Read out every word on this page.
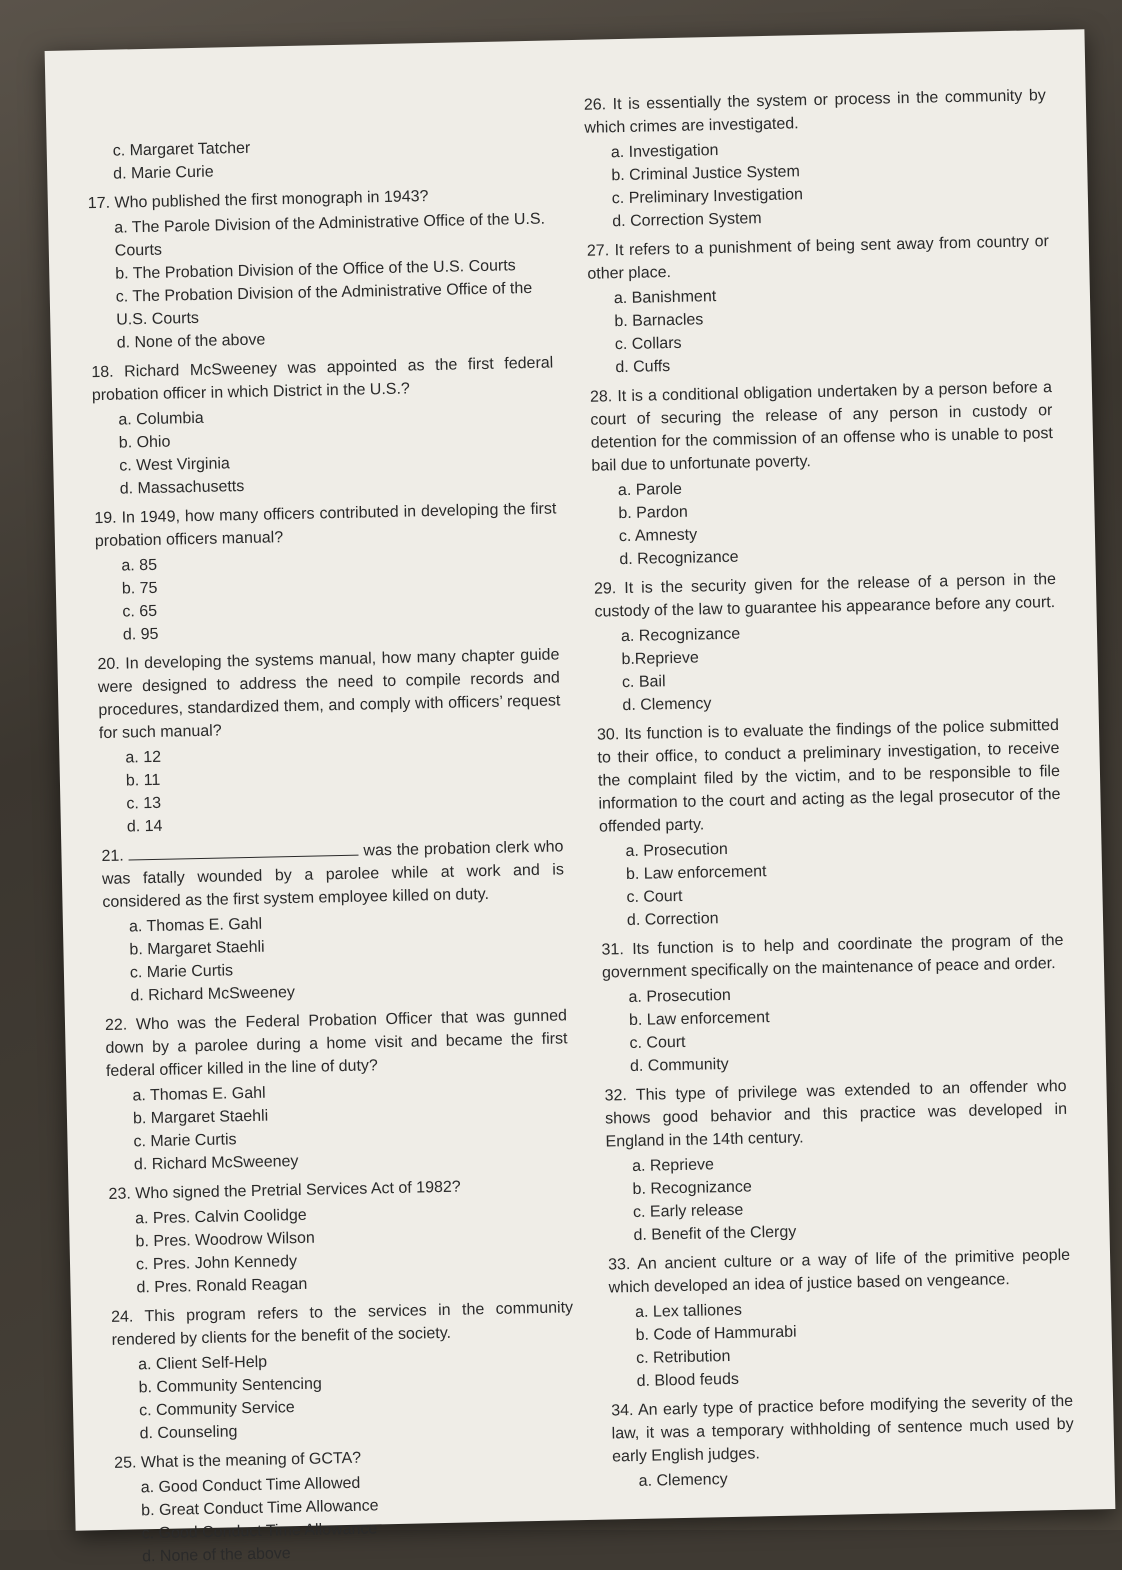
c. Margaret Tatcher
d. Marie Curie

17. Who published the first monograph in 1943?

a. The Parole Division of the Administrative Office of the U.S. Courts
b. The Probation Division of the Office of the U.S. Courts
c. The Probation Division of the Administrative Office of the U.S. Courts
d. None of the above

18. Richard McSweeney was appointed as the first federal probation officer in which District in the U.S.?

a. Columbia
b. Ohio
c. West Virginia
d. Massachusetts

19. In 1949, how many officers contributed in developing the first probation officers manual?

a. 85
b. 75
c. 65
d. 95

20. In developing the systems manual, how many chapter guide were designed to address the need to compile records and procedures, standardized them, and comply with officers’ request for such manual?

a. 12
b. 11
c. 13
d. 14

21.	was the probation clerk who was fatally wounded by a parolee while at work and is considered as the first system employee killed on duty.

a. Thomas E. Gahl
b. Margaret Staehli
c. Marie Curtis
d. Richard McSweeney

22. Who was the Federal Probation Officer that was gunned down by a parolee during a home visit and became the first federal officer killed in the line of duty?

a. Thomas E. Gahl
b. Margaret Staehli
c. Marie Curtis
d. Richard McSweeney

23. Who signed the Pretrial Services Act of 1982?

a. Pres. Calvin Coolidge
b. Pres. Woodrow Wilson
c. Pres. John Kennedy
d. Pres. Ronald Reagan

24. This program refers to the services in the community rendered by clients for the benefit of the society.

a. Client Self-Help
b. Community Sentencing
c. Community Service
d. Counseling

25. What is the meaning of GCTA?

a. Good Conduct Time Allowed
b. Great Conduct Time Allowance
c. Good Conduct Time Allowance
d. None of the above

26. It is essentially the system or process in the community by which crimes are investigated.

a. Investigation
b. Criminal Justice System
c. Preliminary Investigation
d. Correction System

27. It refers to a punishment of being sent away from country or other place.

a. Banishment
b. Barnacles
c. Collars
d. Cuffs

28. It is a conditional obligation undertaken by a person before a court of securing the release of any person in custody or detention for the commission of an offense who is unable to post bail due to unfortunate poverty.

a. Parole
b. Pardon
c. Amnesty
d. Recognizance

29. It is the security given for the release of a person in the custody of the law to guarantee his appearance before any court.

a. Recognizance
b.Reprieve
c. Bail
d. Clemency

30. Its function is to evaluate the findings of the police submitted to their office, to conduct a preliminary investigation, to receive the complaint filed by the victim, and to be responsible to file information to the court and acting as the legal prosecutor of the offended party.

a. Prosecution
b. Law enforcement
c. Court
d. Correction

31. Its function is to help and coordinate the program of the government specifically on the maintenance of peace and order.

a. Prosecution
b. Law enforcement
c. Court
d. Community

32. This type of privilege was extended to an offender who shows good behavior and this practice was developed in England in the 14th century.

a. Reprieve
b. Recognizance
c. Early release
d. Benefit of the Clergy

33. An ancient culture or a way of life of the primitive people which developed an idea of justice based on vengeance.

a. Lex talliones
b. Code of Hammurabi
c. Retribution
d. Blood feuds

34. An early type of practice before modifying the severity of the law, it was a temporary withholding of sentence much used by early English judges.

a. Clemency
